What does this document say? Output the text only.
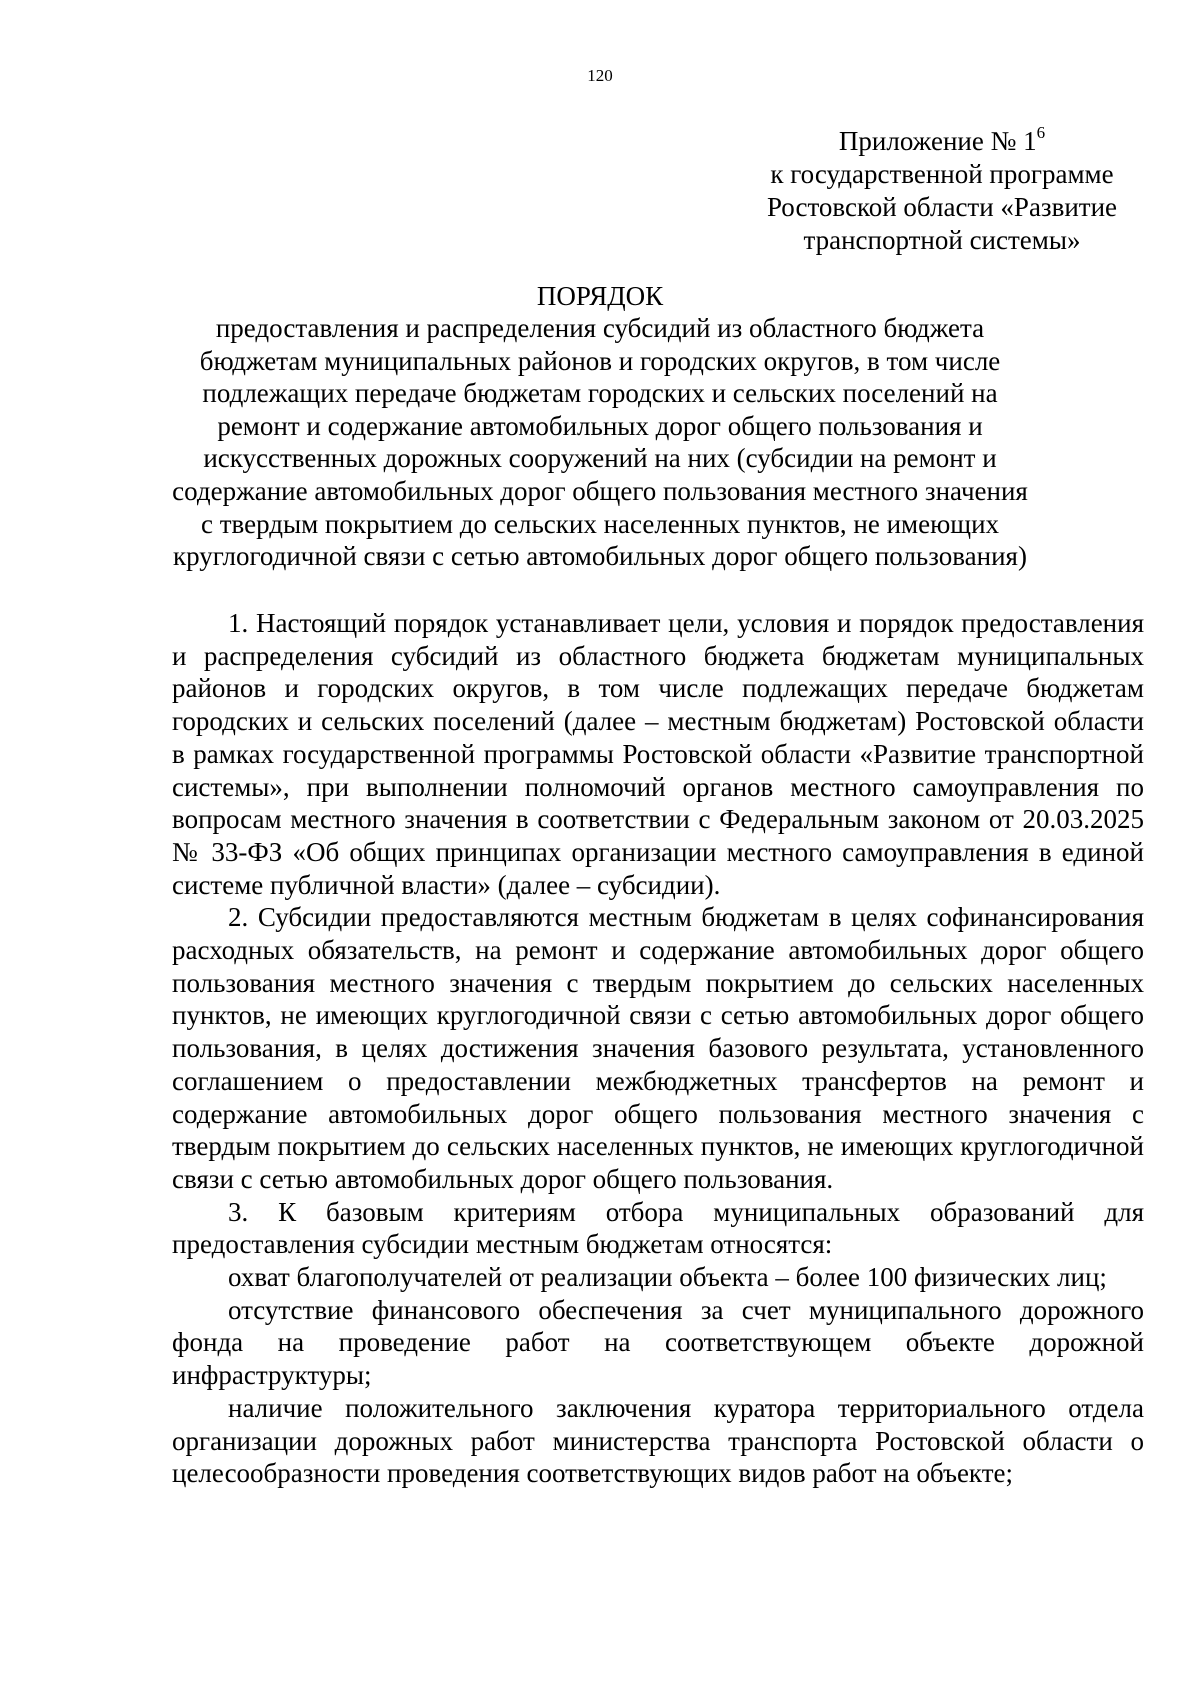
120

Приложение № $1^6$

к государственной программе

Ростовской области «Развитие

транспортной системы»

ПОРЯДОК
предоставления и распределения субсидий из областного бюджета бюджетам муниципальных районов и городских округов, в том числе подлежащих передаче бюджетам городских и сельских поселений на ремонт и содержание автомобильных дорог общего пользования и искусственных дорожных сооружений на них (субсидии на ремонт и содержание автомобильных дорог общего пользования местного значения с твердым покрытием до сельских населенных пунктов, не имеющих круглогодичной связи с сетью автомобильных дорог общего пользования)

1. Настоящий порядок устанавливает цели, условия и порядок предоставления и распределения субсидий из областного бюджета бюджетам муниципальных районов и городских округов, в том числе подлежащих передаче бюджетам городских и сельских поселений (далее – местным бюджетам) Ростовской области в рамках государственной программы Ростовской области «Развитие транспортной системы», при выполнении полномочий органов местного самоуправления по вопросам местного значения в соответствии с Федеральным законом от 20.03.2025 № 33-ФЗ «Об общих принципах организации местного самоуправления в единой системе публичной власти» (далее – субсидии).

2. Субсидии предоставляются местным бюджетам в целях софинансирования расходных обязательств, на ремонт и содержание автомобильных дорог общего пользования местного значения с твердым покрытием до сельских населенных пунктов, не имеющих круглогодичной связи с сетью автомобильных дорог общего пользования, в целях достижения значения базового результата, установленного соглашением о предоставлении межбюджетных трансфертов на ремонт и содержание автомобильных дорог общего пользования местного значения с твердым покрытием до сельских населенных пунктов, не имеющих круглогодичной связи с сетью автомобильных дорог общего пользования.

3. К базовым критериям отбора муниципальных образований для предоставления субсидии местным бюджетам относятся:

охват благополучателей от реализации объекта – более 100 физических лиц;

отсутствие финансового обеспечения за счет муниципального дорожного фонда на проведение работ на соответствующем объекте дорожной инфраструктуры;

наличие положительного заключения куратора территориального отдела организации дорожных работ министерства транспорта Ростовской области о целесообразности проведения соответствующих видов работ на объекте;
